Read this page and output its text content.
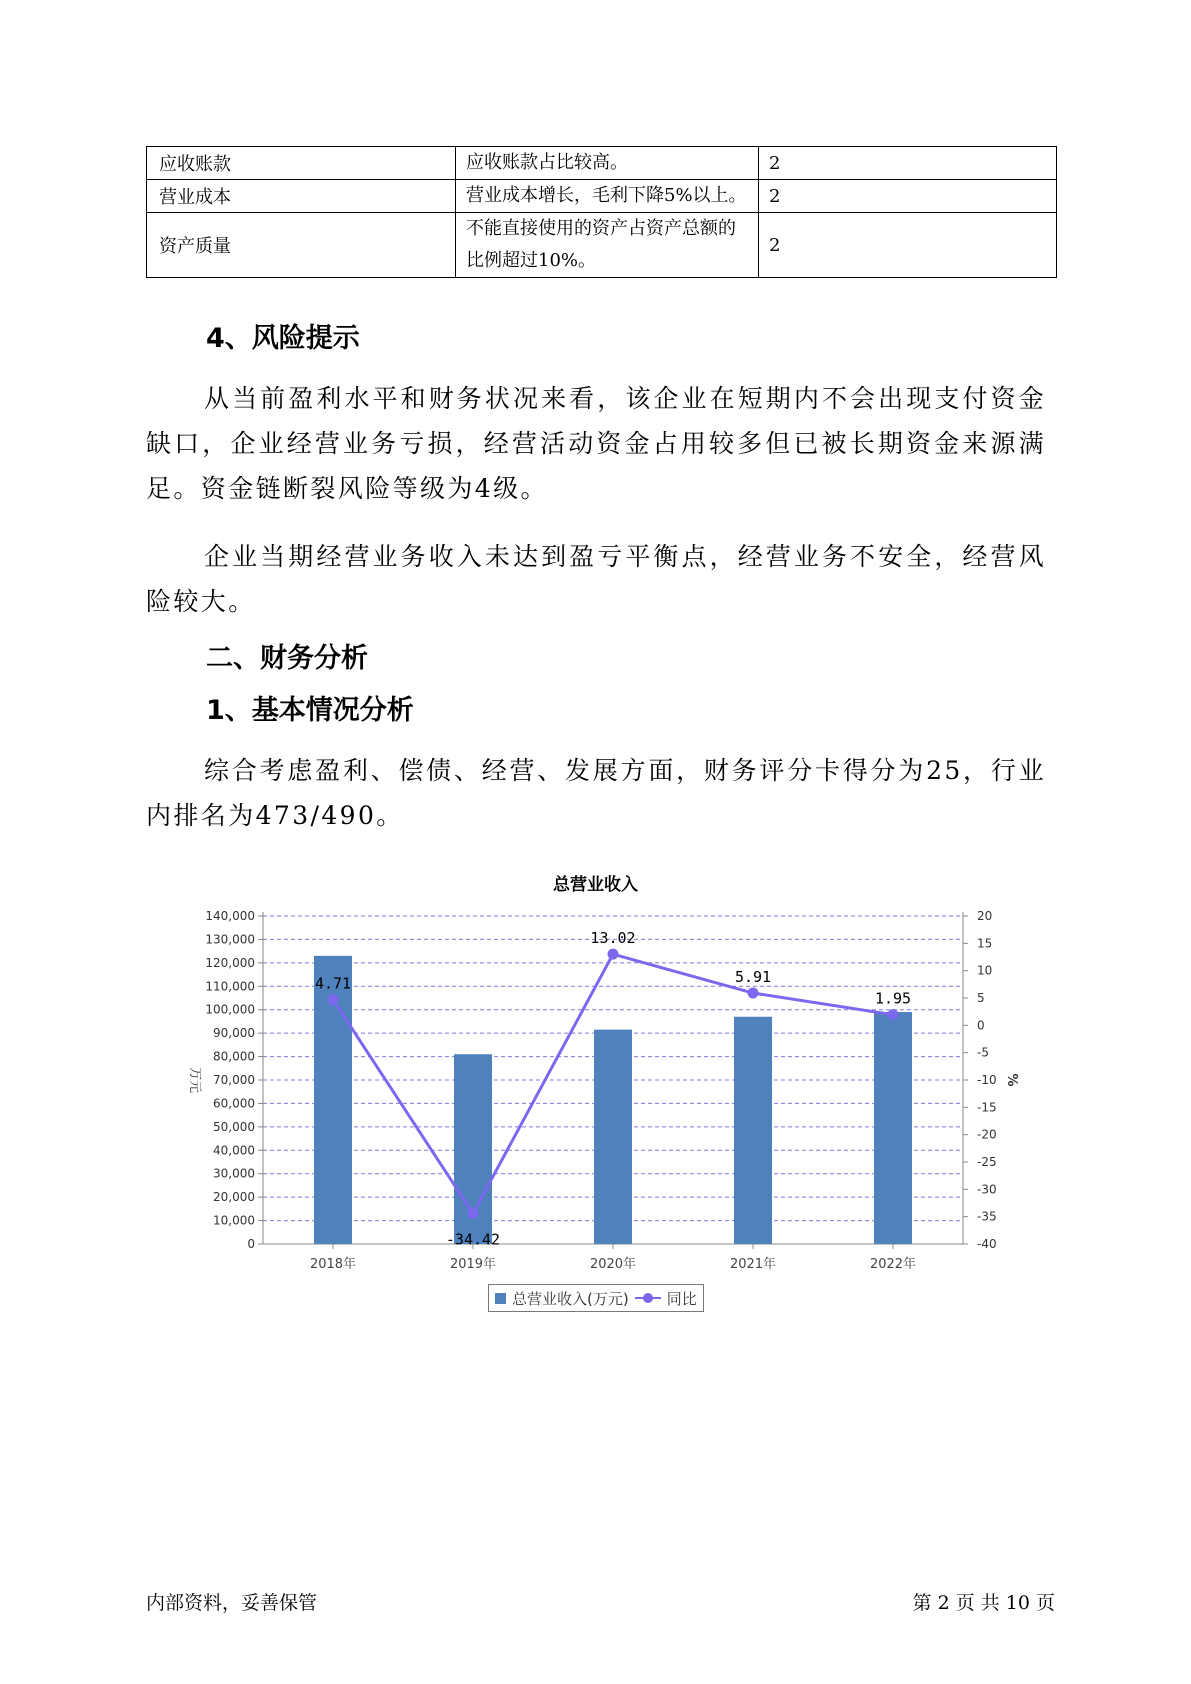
应收账款	应收账款占比较高。	2
营业成本	营业成本增长，毛利下降5%以上。	2
资产质量	不能直接使用的资产占资产总额的比例超过10%。	2
4、风险提示
从当前盈利水平和财务状况来看，该企业在短期内不会出现支付资金缺口，企业经营业务亏损，经营活动资金占用较多但已被长期资金来源满足。资金链断裂风险等级为4级。
企业当期经营业务收入未达到盈亏平衡点，经营业务不安全，经营风险较大。
二、财务分析
1、基本情况分析
综合考虑盈利、偿债、经营、发展方面，财务评分卡得分为25，行业内排名为473/490。
总营业收入
0
10,000
20,000
30,000
40,000
50,000
60,000
70,000
80,000
90,000
100,000
110,000
120,000
130,000
140,000
-40
-35
-30
-25
-20
-15
-10
-5
0
5
10
15
20
万元	%
2018年	2019年	2020年	2021年	2022年
4.71
-34.42
13.02
5.91
1.95
总营业收入(万元)	同比
内部资料，妥善保管	第 2 页 共 10 页
